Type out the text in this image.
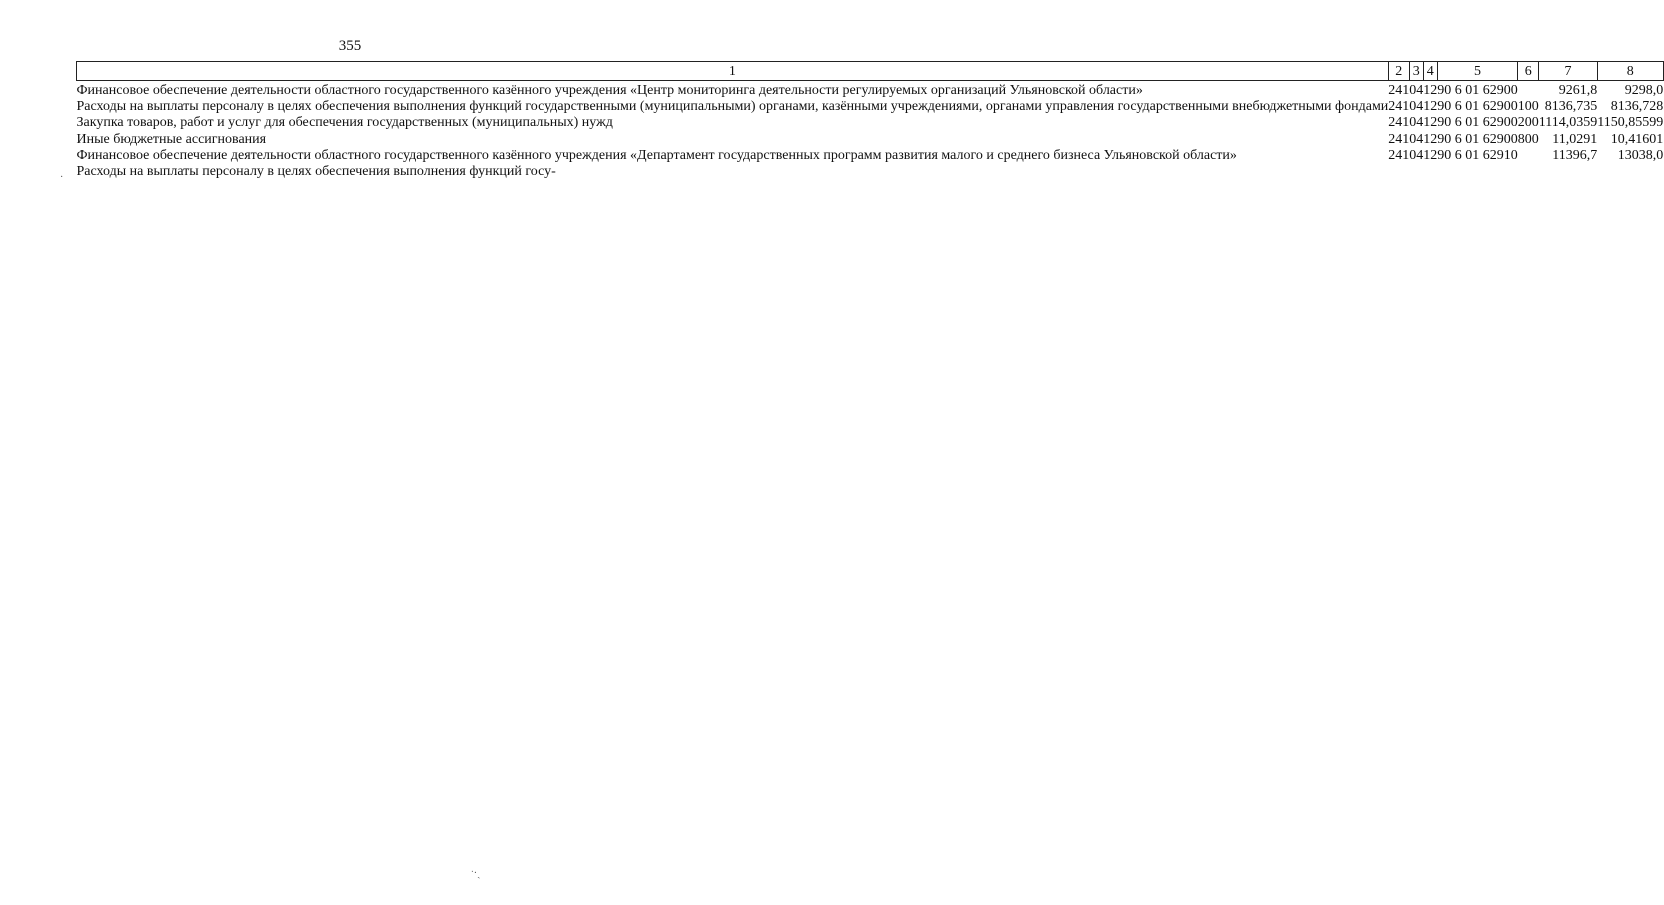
355
1	2	3	4	5	6	7	8
Финансовое обеспечение деятельности областного государственного казённого учреждения «Центр мониторинга деятельности регулируемых организаций Ульяновской области»	241	04	12	90 6 01 62900		9261,8	9298,0
Расходы на выплаты персоналу в целях обеспечения выполнения функций государственными (муниципальными) органами, казёнными учреждениями, органами управления государственными внебюджетными фондами	241	04	12	90 6 01 62900	100	8136,735	8136,728
Закупка товаров, работ и услуг для обеспечения государственных (муниципальных) нужд	241	04	12	90 6 01 62900	200	1114,0359	1150,85599
Иные бюджетные ассигнования	241	04	12	90 6 01 62900	800	11,0291	10,41601
Финансовое обеспечение деятельности областного государственного казённого учреждения «Департамент государственных программ развития малого и среднего бизнеса Ульяновской области»	241	04	12	90 6 01 62910		11396,7	13038,0
Расходы на выплаты персоналу в целях обеспечения выполнения функций госу-							
·
ˑ·ˎ
